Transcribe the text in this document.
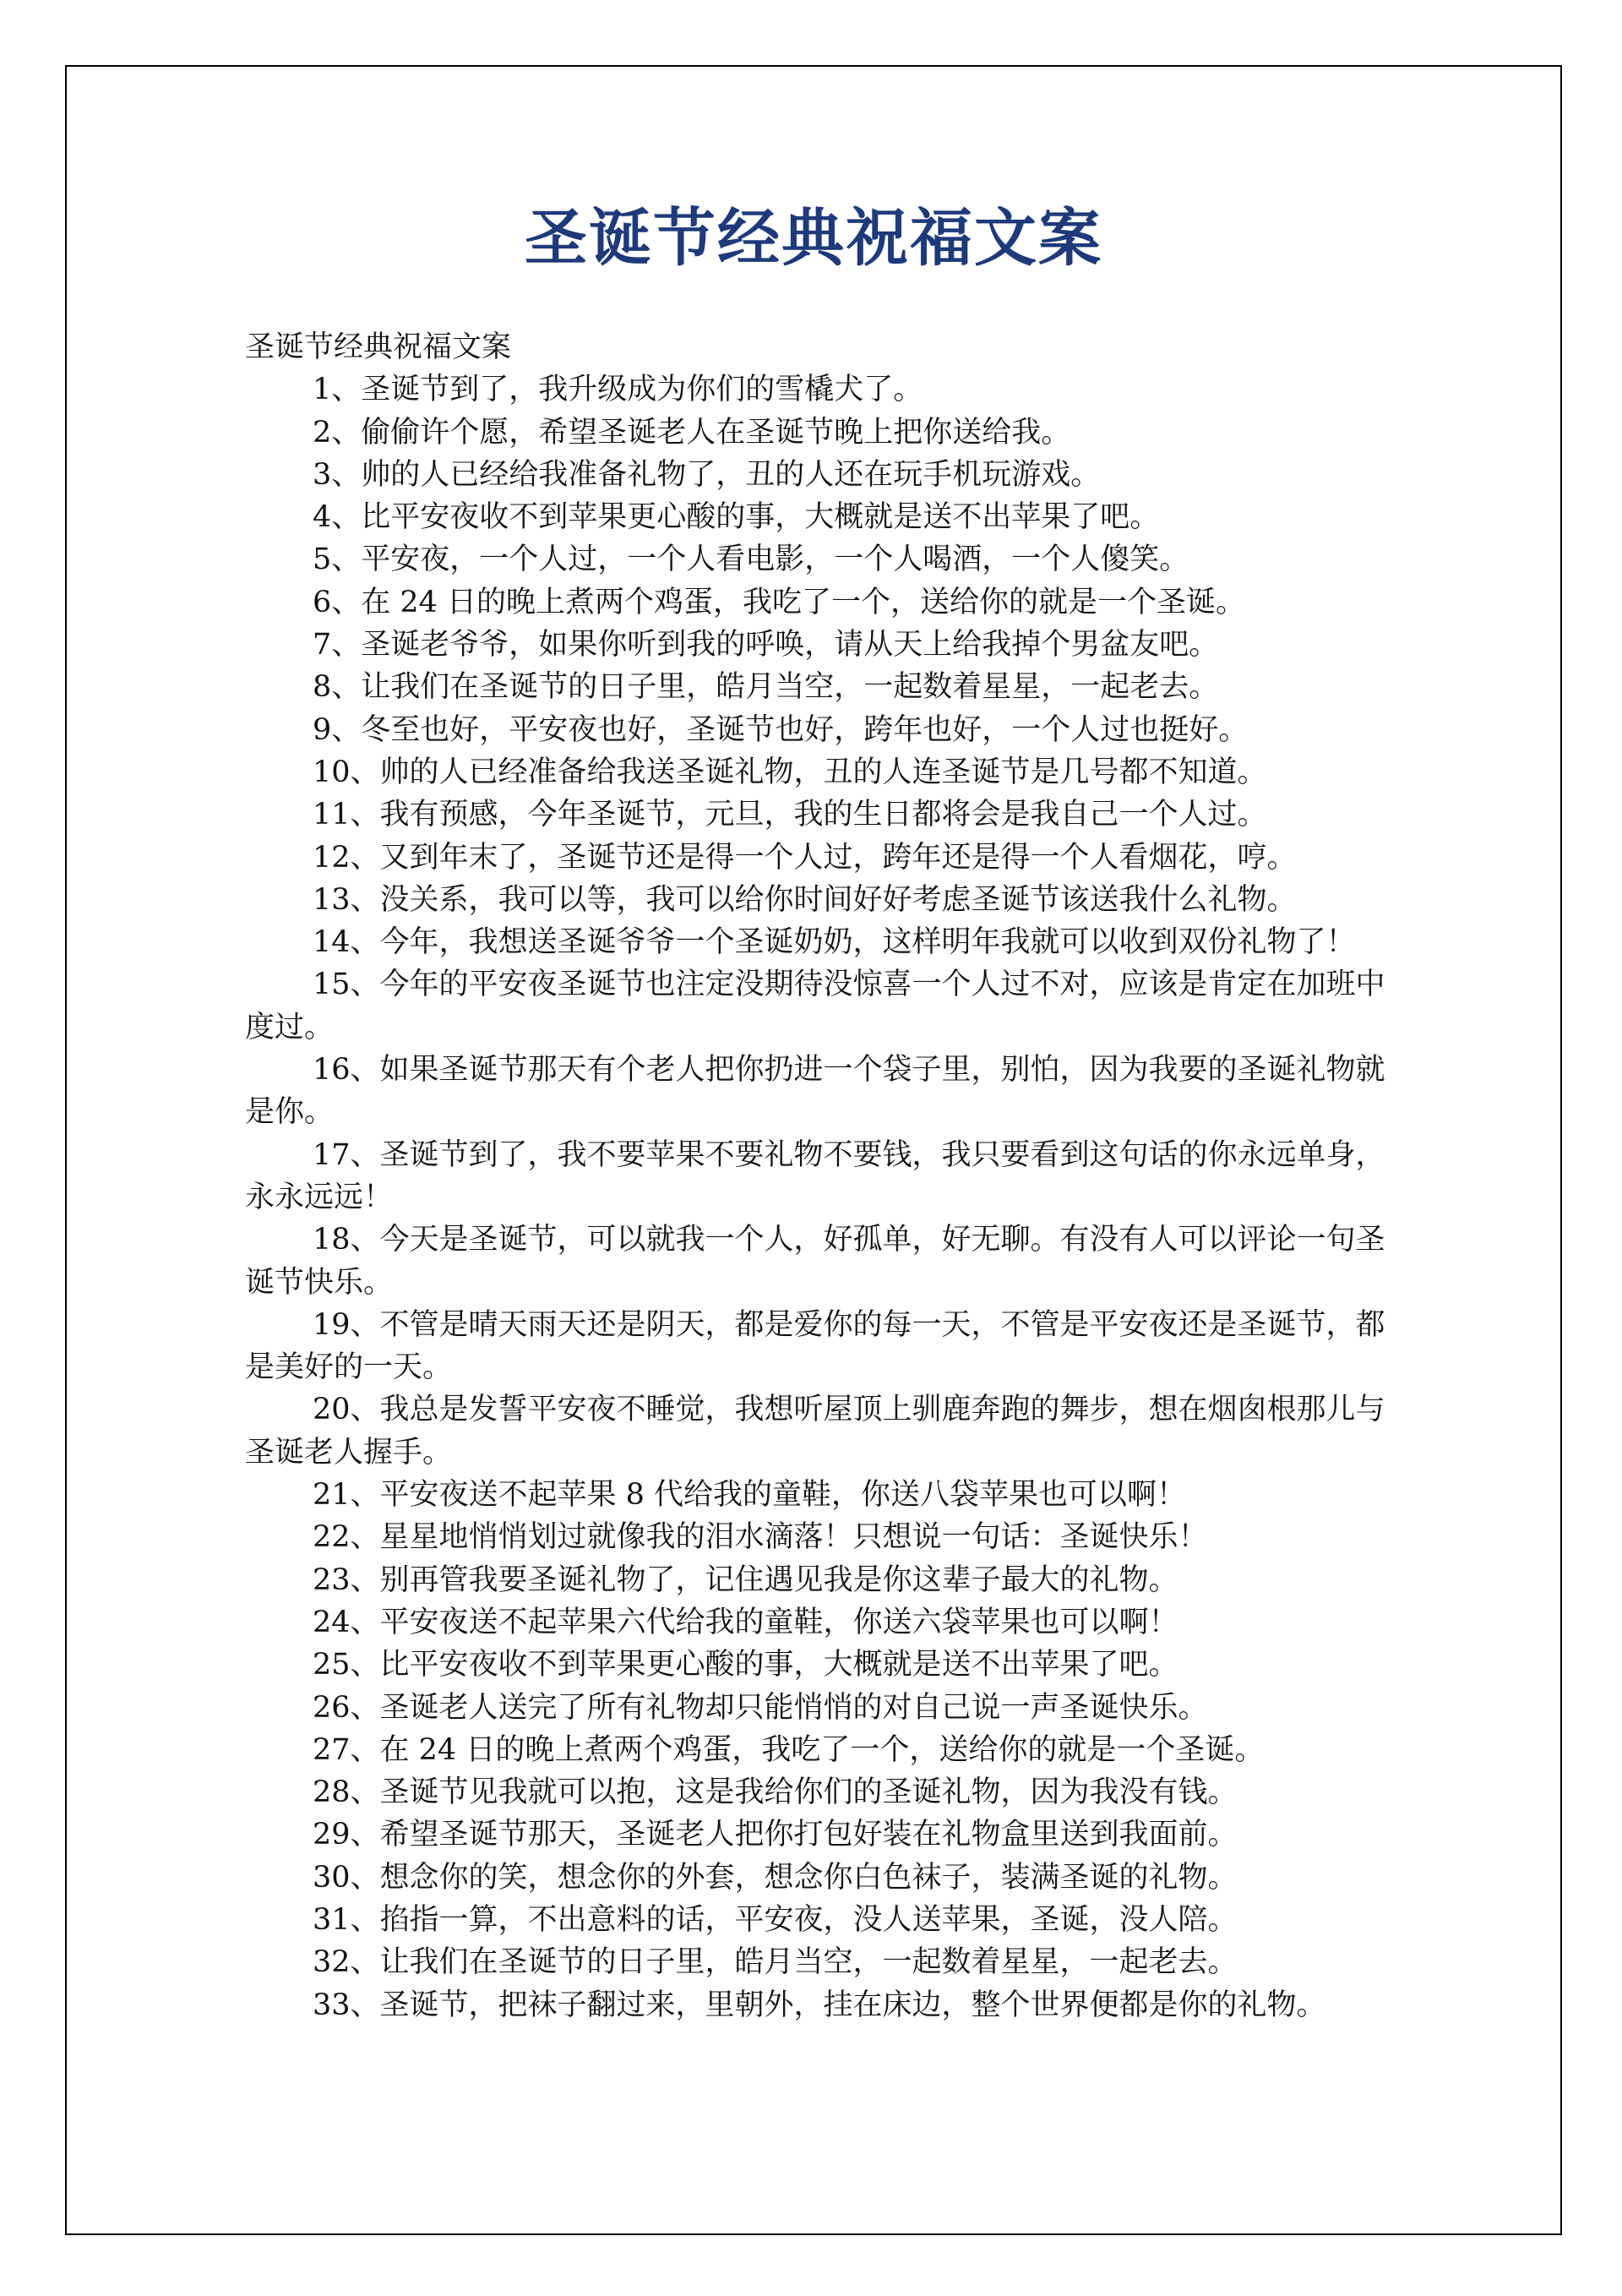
圣诞节经典祝福文案

圣诞节经典祝福文案

1、圣诞节到了，我升级成为你们的雪橇犬了。

2、偷偷许个愿，希望圣诞老人在圣诞节晚上把你送给我。

3、帅的人已经给我准备礼物了，丑的人还在玩手机玩游戏。

4、比平安夜收不到苹果更心酸的事，大概就是送不出苹果了吧。

5、平安夜，一个人过，一个人看电影，一个人喝酒，一个人傻笑。

6、在 24 日的晚上煮两个鸡蛋，我吃了一个，送给你的就是一个圣诞。

7、圣诞老爷爷，如果你听到我的呼唤，请从天上给我掉个男盆友吧。

8、让我们在圣诞节的日子里，皓月当空，一起数着星星，一起老去。

9、冬至也好，平安夜也好，圣诞节也好，跨年也好，一个人过也挺好。

10、帅的人已经准备给我送圣诞礼物，丑的人连圣诞节是几号都不知道。

11、我有预感，今年圣诞节，元旦，我的生日都将会是我自己一个人过。

12、又到年末了，圣诞节还是得一个人过，跨年还是得一个人看烟花，哼。

13、没关系，我可以等，我可以给你时间好好考虑圣诞节该送我什么礼物。

14、今年，我想送圣诞爷爷一个圣诞奶奶，这样明年我就可以收到双份礼物了！

15、今年的平安夜圣诞节也注定没期待没惊喜一个人过不对，应该是肯定在加班中度过。

16、如果圣诞节那天有个老人把你扔进一个袋子里，别怕，因为我要的圣诞礼物就是你。

17、圣诞节到了，我不要苹果不要礼物不要钱，我只要看到这句话的你永远单身，永永远远！

18、今天是圣诞节，可以就我一个人，好孤单，好无聊。有没有人可以评论一句圣诞节快乐。

19、不管是晴天雨天还是阴天，都是爱你的每一天，不管是平安夜还是圣诞节，都是美好的一天。

20、我总是发誓平安夜不睡觉，我想听屋顶上驯鹿奔跑的舞步，想在烟囱根那儿与圣诞老人握手。

21、平安夜送不起苹果 8 代给我的童鞋，你送八袋苹果也可以啊！

22、星星地悄悄划过就像我的泪水滴落！只想说一句话：圣诞快乐！

23、别再管我要圣诞礼物了，记住遇见我是你这辈子最大的礼物。

24、平安夜送不起苹果六代给我的童鞋，你送六袋苹果也可以啊！

25、比平安夜收不到苹果更心酸的事，大概就是送不出苹果了吧。

26、圣诞老人送完了所有礼物却只能悄悄的对自己说一声圣诞快乐。

27、在 24 日的晚上煮两个鸡蛋，我吃了一个，送给你的就是一个圣诞。

28、圣诞节见我就可以抱，这是我给你们的圣诞礼物，因为我没有钱。

29、希望圣诞节那天，圣诞老人把你打包好装在礼物盒里送到我面前。

30、想念你的笑，想念你的外套，想念你白色袜子，装满圣诞的礼物。

31、掐指一算，不出意料的话，平安夜，没人送苹果，圣诞，没人陪。

32、让我们在圣诞节的日子里，皓月当空，一起数着星星，一起老去。

33、圣诞节，把袜子翻过来，里朝外，挂在床边，整个世界便都是你的礼物。
